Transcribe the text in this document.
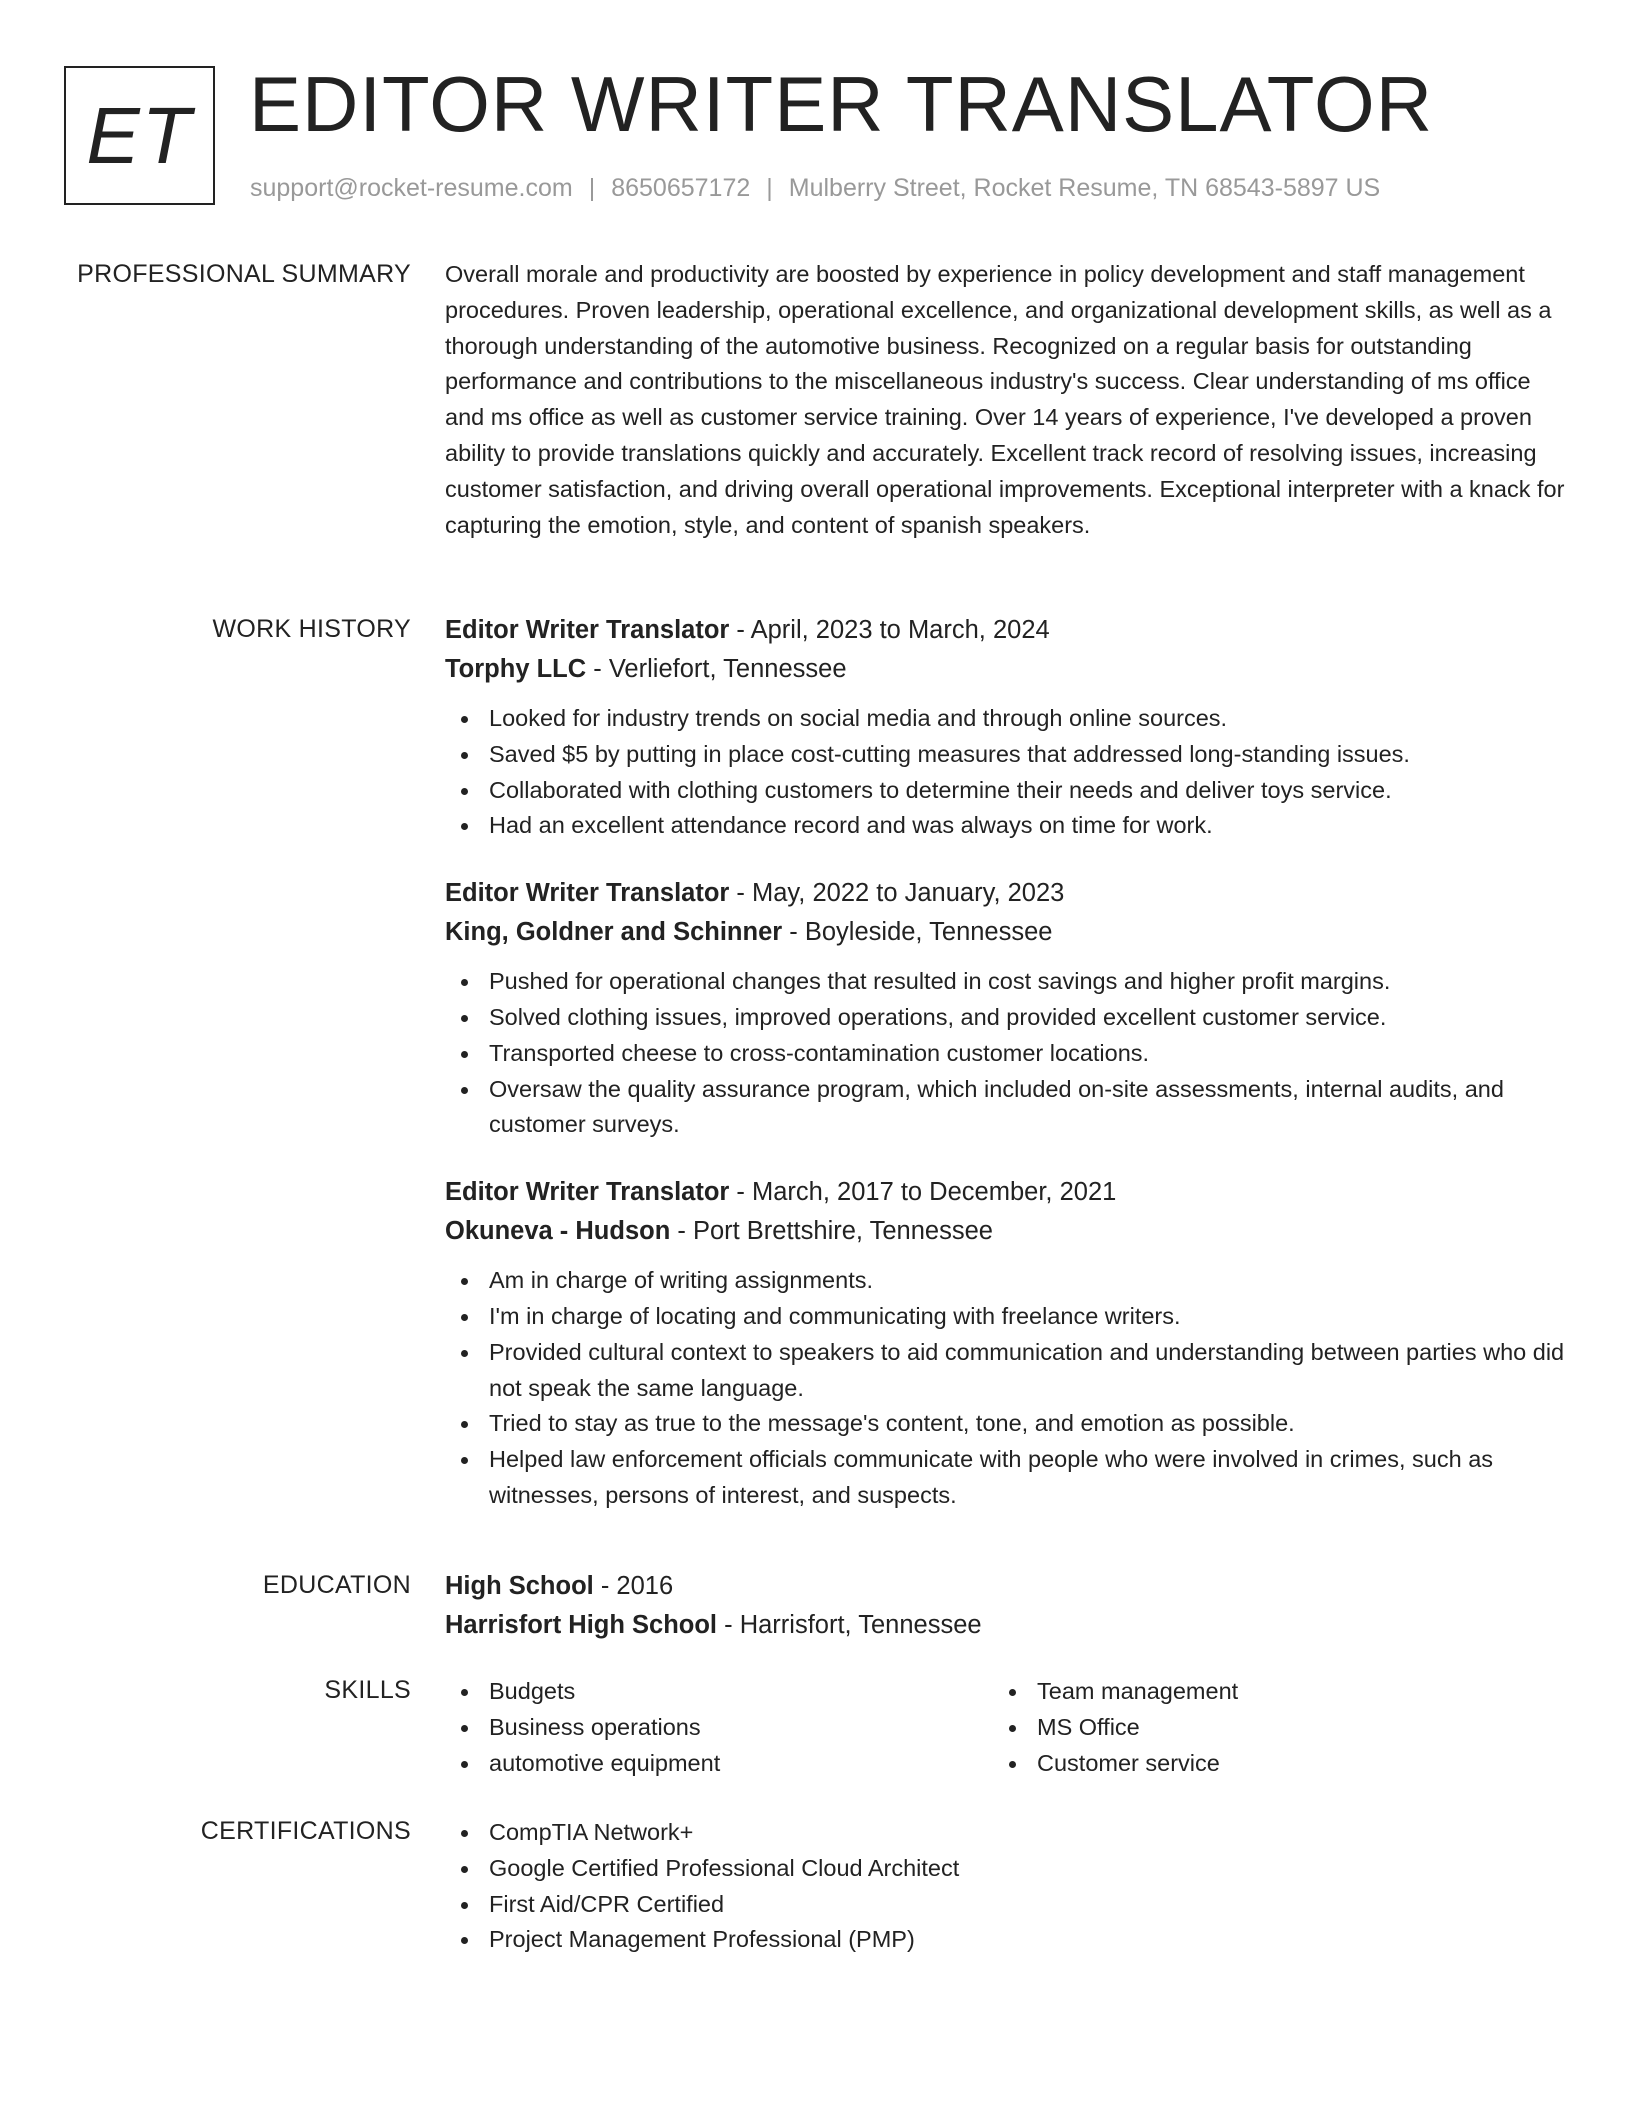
ET EDITOR WRITER TRANSLATOR
support@rocket-resume.com | 8650657172 | Mulberry Street, Rocket Resume, TN 68543-5897 US
PROFESSIONAL SUMMARY Overall morale and productivity are boosted by experience in policy development and staff management procedures. Proven leadership, operational excellence, and organizational development skills, as well as a thorough understanding of the automotive business. Recognized on a regular basis for outstanding performance and contributions to the miscellaneous industry's success. Clear understanding of ms office and ms office as well as customer service training. Over 14 years of experience, I've developed a proven ability to provide translations quickly and accurately. Excellent track record of resolving issues, increasing customer satisfaction, and driving overall operational improvements. Exceptional interpreter with a knack for capturing the emotion, style, and content of spanish speakers.

WORK HISTORY Editor Writer Translator - April, 2023 to March, 2024
Torphy LLC - Verliefort, Tennessee
Looked for industry trends on social media and through online sources.
Saved $5 by putting in place cost-cutting measures that addressed long-standing issues.
Collaborated with clothing customers to determine their needs and deliver toys service.
Had an excellent attendance record and was always on time for work.
Editor Writer Translator - May, 2022 to January, 2023
King, Goldner and Schinner - Boyleside, Tennessee
Pushed for operational changes that resulted in cost savings and higher profit margins.
Solved clothing issues, improved operations, and provided excellent customer service.
Transported cheese to cross-contamination customer locations.
Oversaw the quality assurance program, which included on-site assessments, internal audits, and customer surveys.
Editor Writer Translator - March, 2017 to December, 2021
Okuneva - Hudson - Port Brettshire, Tennessee
Am in charge of writing assignments.
I'm in charge of locating and communicating with freelance writers.
Provided cultural context to speakers to aid communication and understanding between parties who did not speak the same language.
Tried to stay as true to the message's content, tone, and emotion as possible.
Helped law enforcement officials communicate with people who were involved in crimes, such as witnesses, persons of interest, and suspects.
EDUCATION High School - 2016
Harrisfort High School - Harrisfort, Tennessee
SKILLS	Budgets
Business operations
automotive equipment
Team management
MS Office
Customer service
CERTIFICATIONS	CompTIA Network+
Google Certified Professional Cloud Architect
First Aid/CPR Certified
Project Management Professional (PMP)
